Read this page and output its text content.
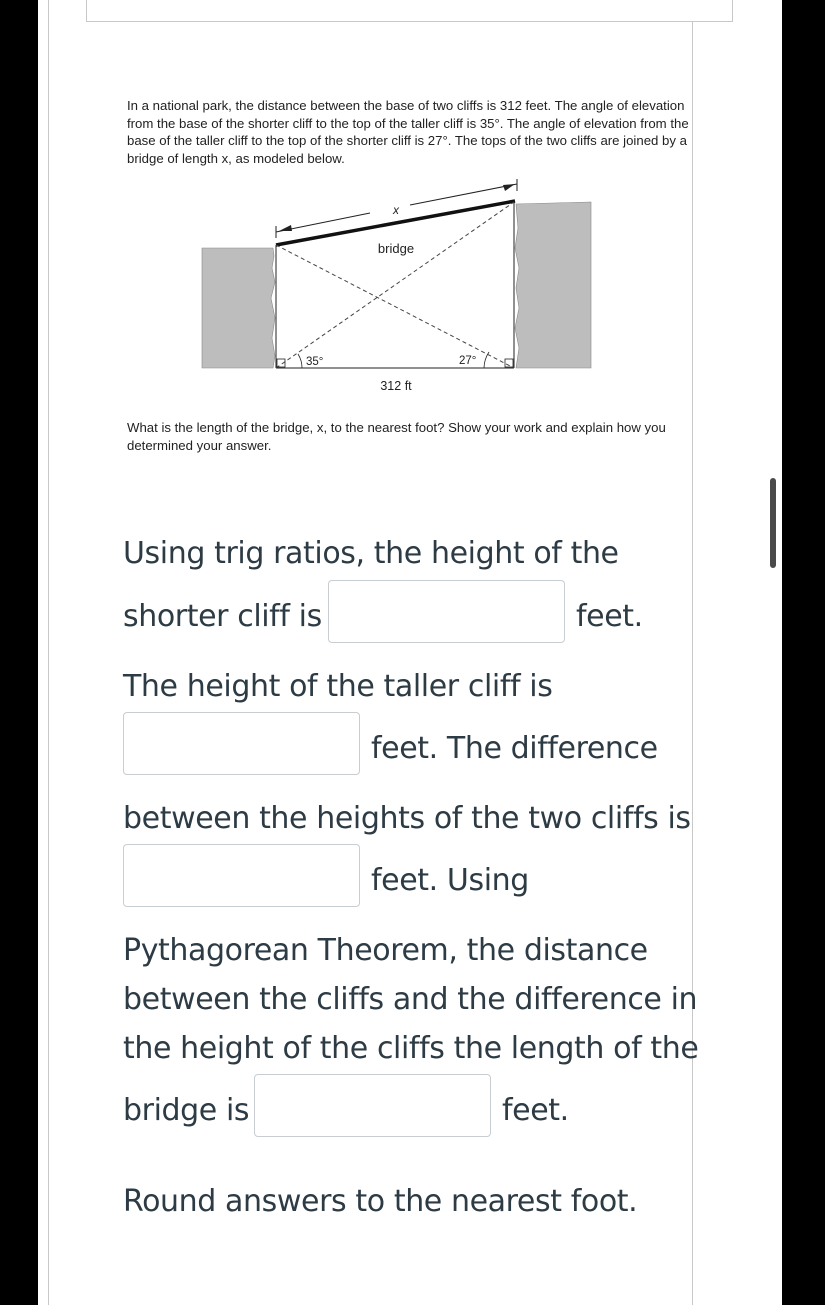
In a national park, the distance between the base of two cliffs is 312 feet. The angle of elevation from the base of the shorter cliff to the top of the taller cliff is 35°. The angle of elevation from the base of the taller cliff to the top of the shorter cliff is 27°. The tops of the two cliffs are joined by a bridge of length x, as modeled below.
x
bridge
35°	27°
312 ft
What is the length of the bridge, x, to the nearest foot? Show your work and explain how you determined your answer.
Using trig ratios, the height of the
shorter cliff is	feet.
The height of the taller cliff is
feet. The difference
between the heights of the two cliffs is
feet. Using
Pythagorean Theorem, the distance
between the cliffs and the difference in
the height of the cliffs the length of the
bridge is	feet.
Round answers to the nearest foot.
